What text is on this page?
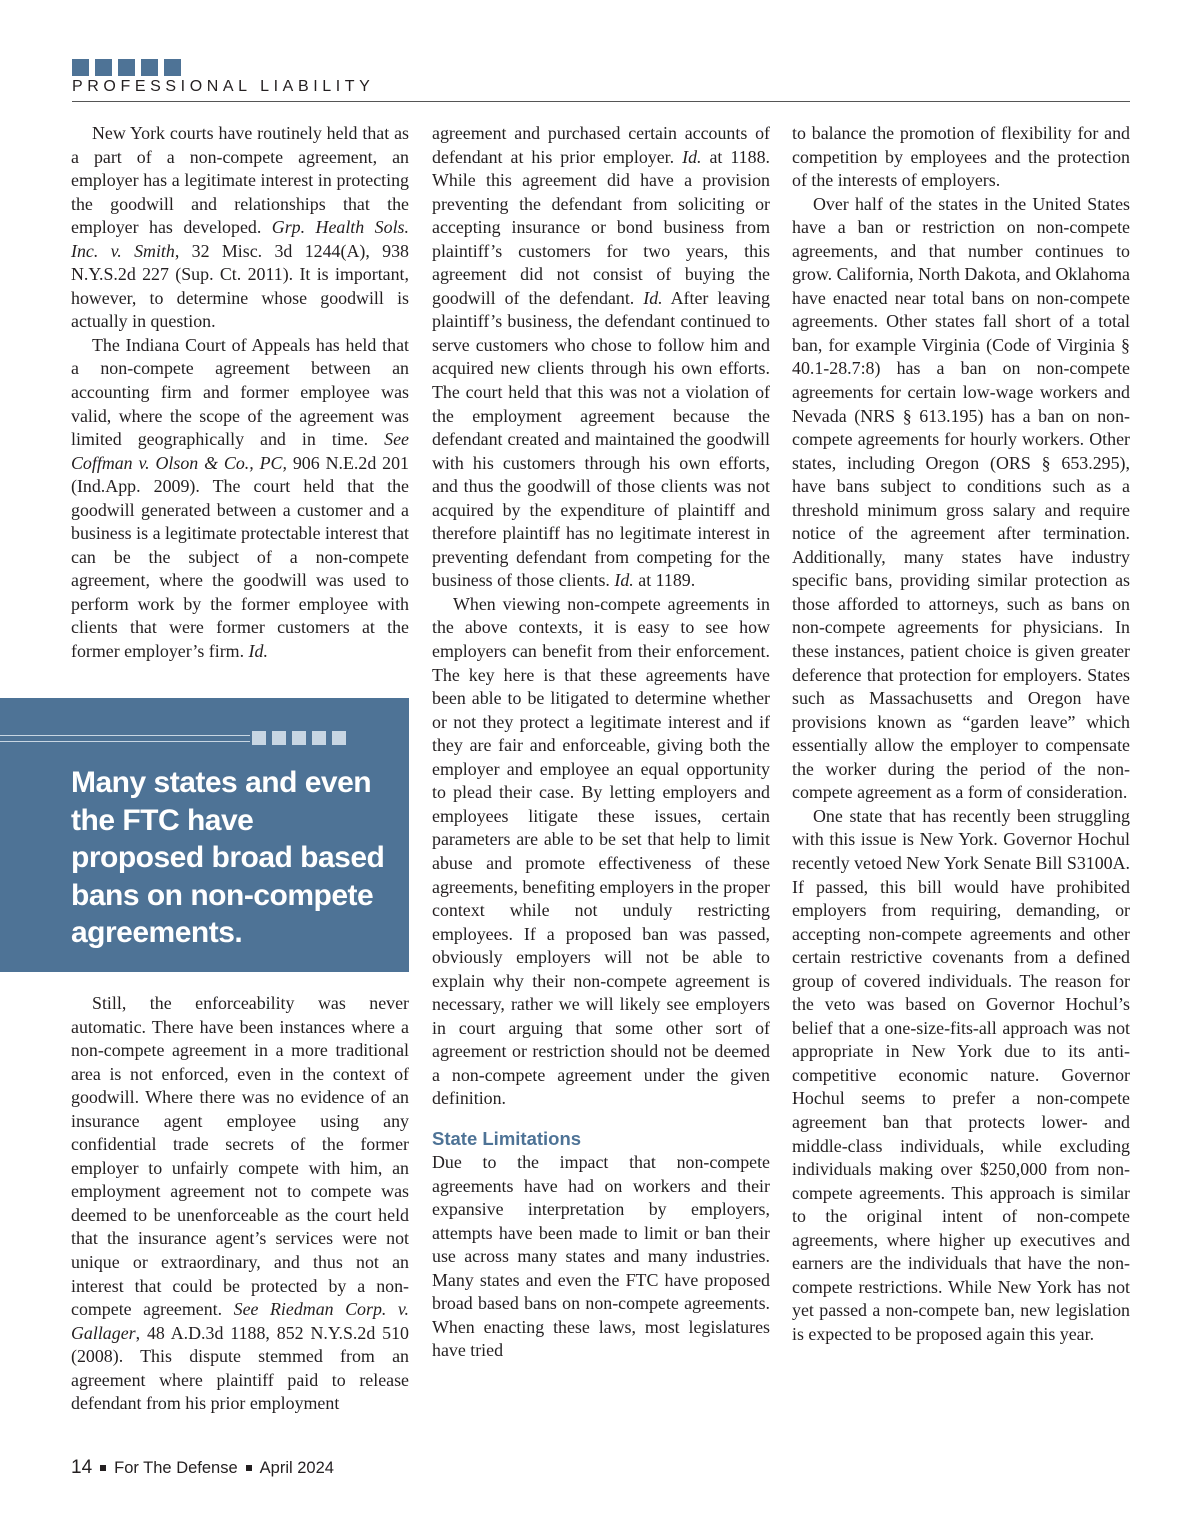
PROFESSIONAL LIABILITY

New York courts have routinely held that as a part of a non-compete agreement, an employer has a legitimate interest in protecting the goodwill and relationships that the employer has developed. Grp. Health Sols. Inc. v. Smith, 32 Misc. 3d 1244(A), 938 N.Y.S.2d 227 (Sup. Ct. 2011). It is important, however, to determine whose goodwill is actually in question.

The Indiana Court of Appeals has held that a non-compete agreement between an accounting firm and former employee was valid, where the scope of the agreement was limited geographically and in time. See Coffman v. Olson & Co., PC, 906 N.E.2d 201 (Ind.App. 2009). The court held that the goodwill generated between a customer and a business is a legitimate protectable interest that can be the subject of a non-compete agreement, where the goodwill was used to perform work by the former employee with clients that were former customers at the former employer’s firm. Id.

Many states and even the FTC have proposed broad based bans on non-compete agreements.

Still, the enforceability was never automatic. There have been instances where a non-compete agreement in a more traditional area is not enforced, even in the context of goodwill. Where there was no evidence of an insurance agent employee using any confidential trade secrets of the former employer to unfairly compete with him, an employment agreement not to compete was deemed to be unenforceable as the court held that the insurance agent’s services were not unique or extraordinary, and thus not an interest that could be protected by a non-compete agreement. See Riedman Corp. v. Gallager, 48 A.D.3d 1188, 852 N.Y.S.2d 510 (2008). This dispute stemmed from an agreement where plaintiff paid to release defendant from his prior employment

agreement and purchased certain accounts of defendant at his prior employer. Id. at 1188. While this agreement did have a provision preventing the defendant from soliciting or accepting insurance or bond business from plaintiff’s customers for two years, this agreement did not consist of buying the goodwill of the defendant. Id. After leaving plaintiff’s business, the defendant continued to serve customers who chose to follow him and acquired new clients through his own efforts. The court held that this was not a violation of the employment agreement because the defendant created and maintained the goodwill with his customers through his own efforts, and thus the goodwill of those clients was not acquired by the expenditure of plaintiff and therefore plaintiff has no legitimate interest in preventing defendant from competing for the business of those clients. Id. at 1189.

When viewing non-compete agreements in the above contexts, it is easy to see how employers can benefit from their enforcement. The key here is that these agreements have been able to be litigated to determine whether or not they protect a legitimate interest and if they are fair and enforceable, giving both the employer and employee an equal opportunity to plead their case. By letting employers and employees litigate these issues, certain parameters are able to be set that help to limit abuse and promote effectiveness of these agreements, benefiting employers in the proper context while not unduly restricting employees. If a proposed ban was passed, obviously employers will not be able to explain why their non-compete agreement is necessary, rather we will likely see employers in court arguing that some other sort of agreement or restriction should not be deemed a non-compete agreement under the given definition.

State Limitations

Due to the impact that non-compete agreements have had on workers and their expansive interpretation by employers, attempts have been made to limit or ban their use across many states and many industries. Many states and even the FTC have proposed broad based bans on non-compete agreements. When enacting these laws, most legislatures have tried

to balance the promotion of flexibility for and competition by employees and the protection of the interests of employers.

Over half of the states in the United States have a ban or restriction on non-compete agreements, and that number continues to grow. California, North Dakota, and Oklahoma have enacted near total bans on non-compete agreements. Other states fall short of a total ban, for example Virginia (Code of Virginia § 40.1-28.7:8) has a ban on non-compete agreements for certain low-wage workers and Nevada (NRS § 613.195) has a ban on non-compete agreements for hourly workers. Other states, including Oregon (ORS § 653.295), have bans subject to conditions such as a threshold minimum gross salary and require notice of the agreement after termination. Additionally, many states have industry specific bans, providing similar protection as those afforded to attorneys, such as bans on non-compete agreements for physicians. In these instances, patient choice is given greater deference that protection for employers. States such as Massachusetts and Oregon have provisions known as “garden leave” which essentially allow the employer to compensate the worker during the period of the non-compete agreement as a form of consideration.

One state that has recently been struggling with this issue is New York. Governor Hochul recently vetoed New York Senate Bill S3100A. If passed, this bill would have prohibited employers from requiring, demanding, or accepting non-compete agreements and other certain restrictive covenants from a defined group of covered individuals. The reason for the veto was based on Governor Hochul’s belief that a one-size-fits-all approach was not appropriate in New York due to its anti-competitive economic nature. Governor Hochul seems to prefer a non-compete agreement ban that protects lower- and middle-class individuals, while excluding individuals making over $250,000 from non-compete agreements. This approach is similar to the original intent of non-compete agreements, where higher up executives and earners are the individuals that have the non-compete restrictions. While New York has not yet passed a non-compete ban, new legislation is expected to be proposed again this year.

14 For The Defense April 2024
